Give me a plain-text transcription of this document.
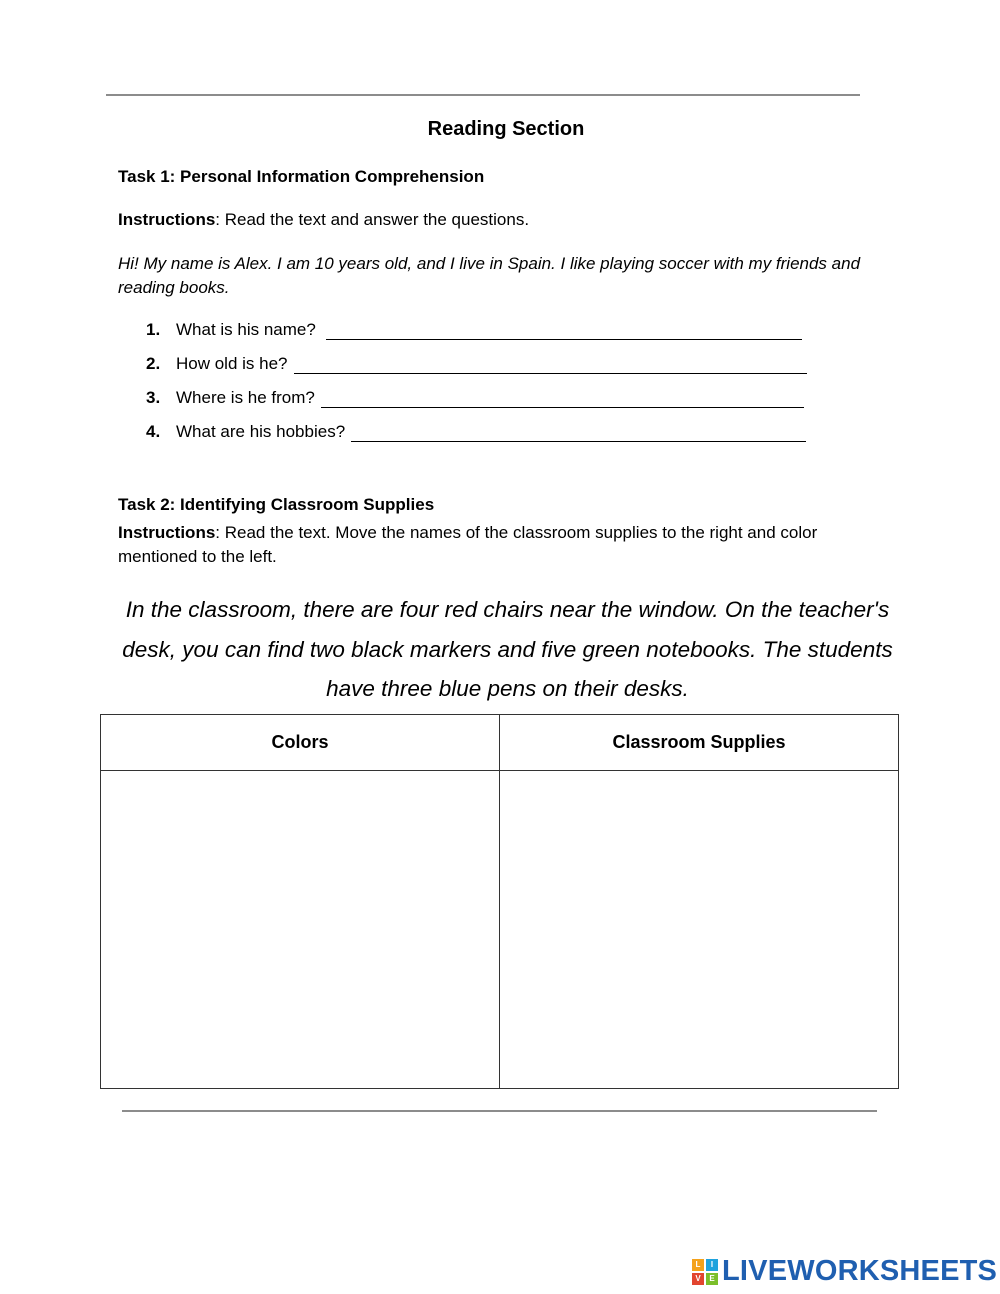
Reading Section
Task 1: Personal Information Comprehension
Instructions: Read the text and answer the questions.
Hi! My name is Alex. I am 10 years old, and I live in Spain. I like playing soccer with my friends and reading books.
1. What is his name?
2. How old is he?
3. Where is he from?
4. What are his hobbies?
Task 2: Identifying Classroom Supplies
Instructions: Read the text. Move the names of the classroom supplies to the right and color mentioned to the left.
In the classroom, there are four red chairs near the window. On the teacher's desk, you can find two black markers and five green notebooks. The students have three blue pens on their desks.
Colors	Classroom Supplies

L	I
V	E LIVEWORKSHEETS
